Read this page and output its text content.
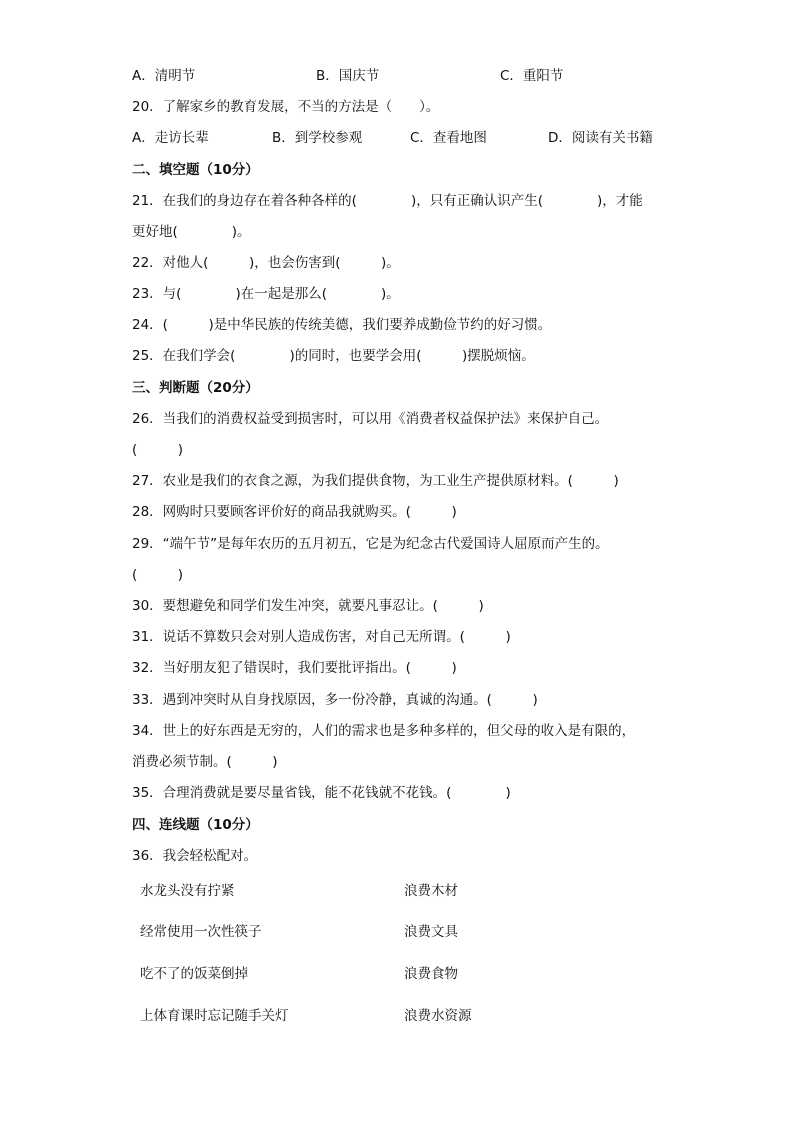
A．清明节	B．国庆节	C．重阳节
20．了解家乡的教育发展，不当的方法是（　　）。
A．走访长辈	B．到学校参观	C．查看地图	D．阅读有关书籍
二、填空题（10分）
21．在我们的身边存在着各种各样的(　　　　)，只有正确认识产生(　　　　)，才能
更好地(　　　　)。
22．对他人(　　　)，也会伤害到(　　　)。
23．与(　　　　)在一起是那么(　　　　)。
24．(　　　)是中华民族的传统美德，我们要养成勤俭节约的好习惯。
25．在我们学会(　　　　)的同时，也要学会用(　　　)摆脱烦恼。
三、判断题（20分）
26．当我们的消费权益受到损害时，可以用《消费者权益保护法》来保护自己。
(　　　)
27．农业是我们的衣食之源，为我们提供食物，为工业生产提供原材料。(　　　)
28．网购时只要顾客评价好的商品我就购买。(　　　)
29．“端午节”是每年农历的五月初五，它是为纪念古代爱国诗人屈原而产生的。
(　　　)
30．要想避免和同学们发生冲突，就要凡事忍让。(　　　)
31．说话不算数只会对别人造成伤害，对自己无所谓。(　　　)
32．当好朋友犯了错误时，我们要批评指出。(　　　)
33．遇到冲突时从自身找原因，多一份冷静，真诚的沟通。(　　　)
34．世上的好东西是无穷的，人们的需求也是多种多样的，但父母的收入是有限的，
消费必须节制。(　　　)
35．合理消费就是要尽量省钱，能不花钱就不花钱。(　　　　)
四、连线题（10分）
36．我会轻松配对。
水龙头没有拧紧	浪费木材
经常使用一次性筷子	浪费文具
吃不了的饭菜倒掉	浪费食物
上体育课时忘记随手关灯	浪费水资源
